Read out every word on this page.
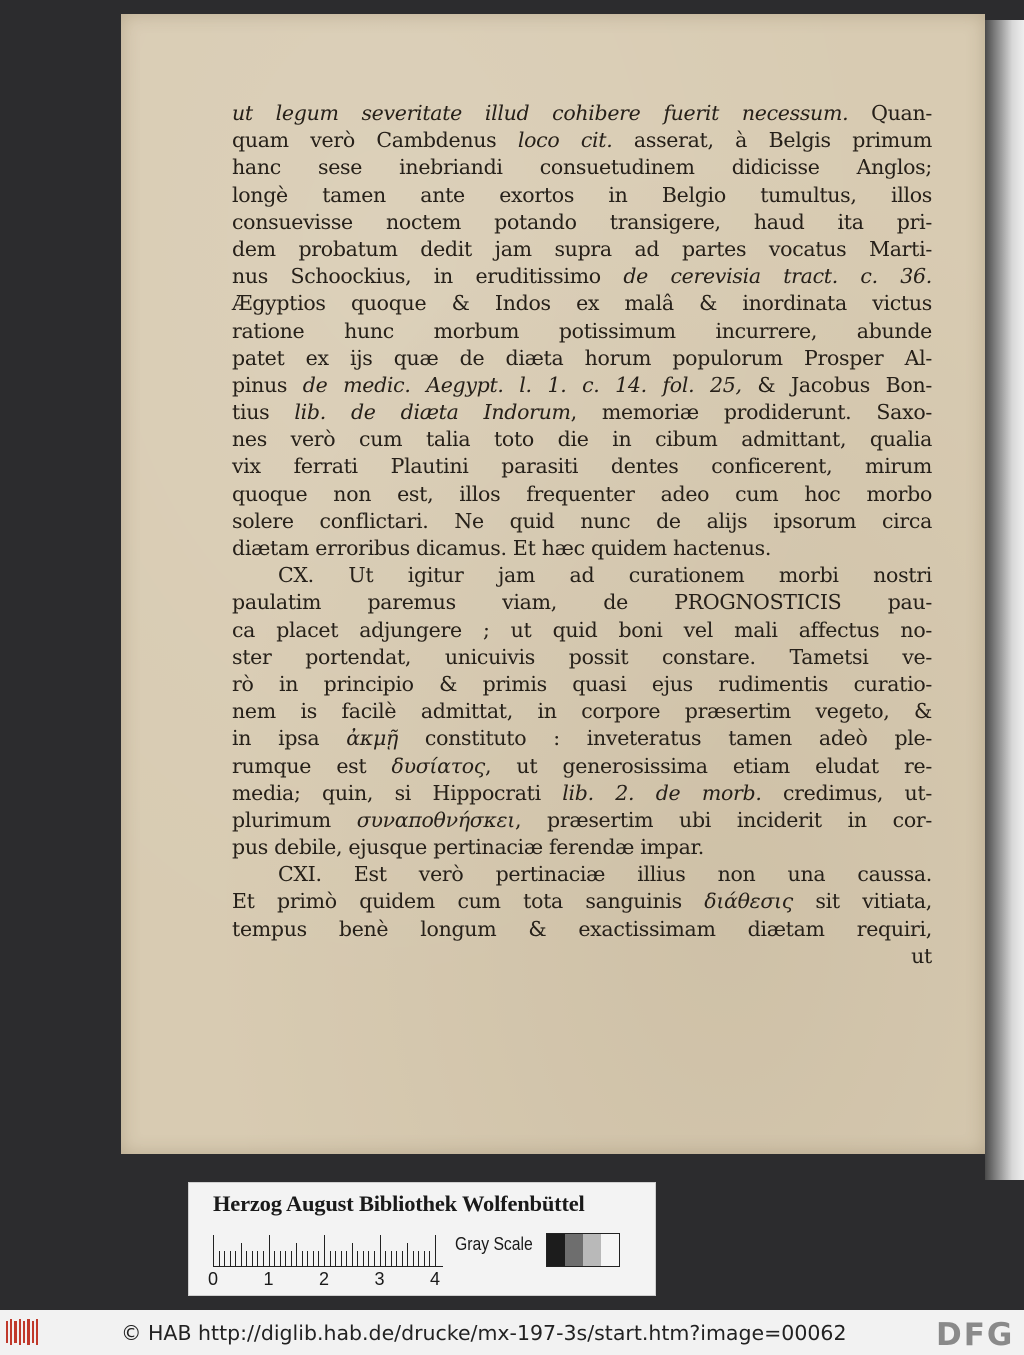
ut legum severitate illud cohibere fuerit necessum. Quan-
quam verò Cambdenus loco cit. asserat, à Belgis primum
hanc sese inebriandi consuetudinem didicisse Anglos;
longè tamen ante exortos in Belgio tumultus, illos
consuevisse noctem potando transigere, haud ita pri-
dem probatum dedit jam supra ad partes vocatus Marti-
nus Schoockius, in eruditissimo de cerevisia tract. c. 36.
Ægyptios quoque & Indos ex malâ & inordinata victus
ratione hunc morbum potissimum incurrere, abunde
patet ex ijs quæ de diæta horum populorum Prosper Al-
pinus de medic. Aegypt. l. 1. c. 14. fol. 25, & Jacobus Bon-
tius lib. de diæta Indorum, memoriæ prodiderunt. Saxo-
nes verò cum talia toto die in cibum admittant, qualia
vix ferrati Plautini parasiti dentes conficerent, mirum
quoque non est, illos frequenter adeo cum hoc morbo
solere conflictari. Ne quid nunc de alijs ipsorum circa
diætam erroribus dicamus. Et hæc quidem hactenus.
CX. Ut igitur jam ad curationem morbi nostri
paulatim paremus viam, de PROGNOSTICIS pau-
ca placet adjungere ; ut quid boni vel mali affectus no-
ster portendat, unicuivis possit constare. Tametsi ve-
rò in principio & primis quasi ejus rudimentis curatio-
nem is facilè admittat, in corpore præsertim vegeto, &
in ipsa ἀκμῇ constituto : inveteratus tamen adeò ple-
rumque est δυσίατος, ut generosissima etiam eludat re-
media; quin, si Hippocrati lib. 2. de morb. credimus, ut-
plurimum συναποθνήσκει, præsertim ubi inciderit in cor-
pus debile, ejusque pertinaciæ ferendæ impar.
CXI. Est verò pertinaciæ illius non una caussa.
Et primò quidem cum tota sanguinis διάθεσις sit vitiata,
tempus benè longum & exactissimam diætam requiri,
ut
Herzog August Bibliothek Wolfenbüttel
0	1	2	3	4
Gray Scale
© HAB http://diglib.hab.de/drucke/mx-197-3s/start.htm?image=00062	DFG
